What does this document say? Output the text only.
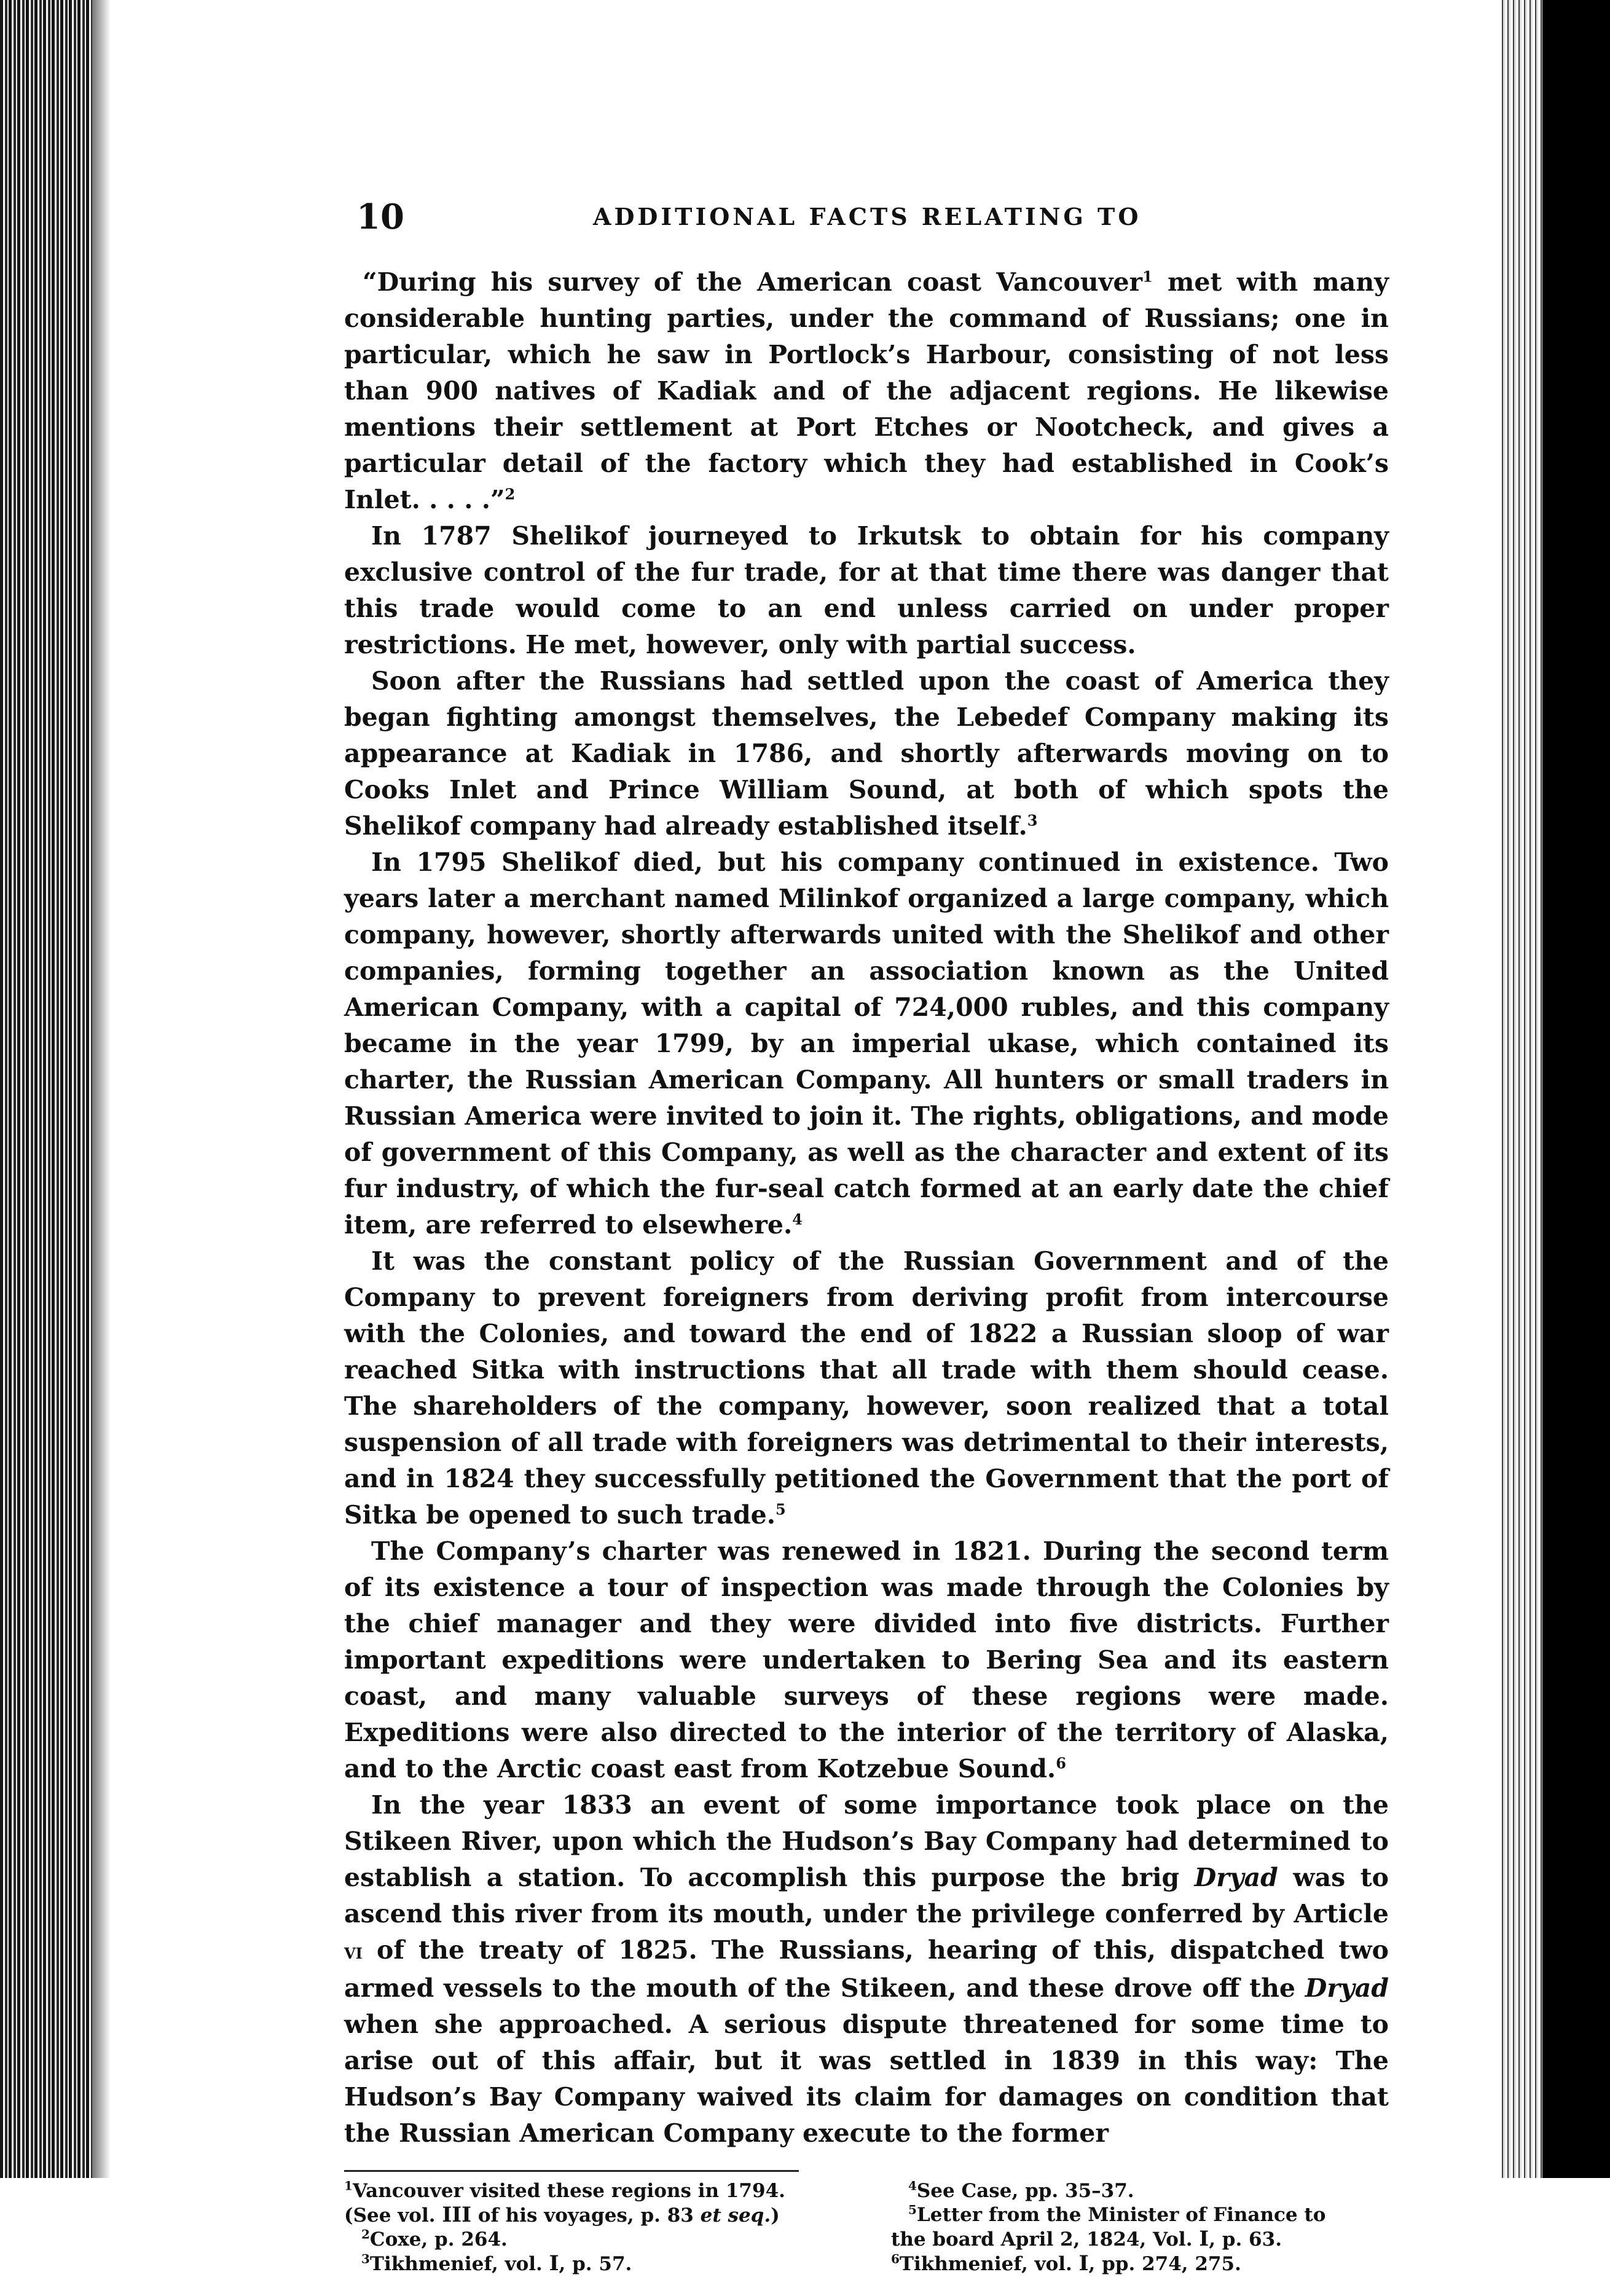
10	ADDITIONAL FACTS RELATING TO

“During his survey of the American coast Vancouver$^1$ met with many considerable hunting parties, under the command of Russians; one in particular, which he saw in Portlock’s Harbour, consisting of not less than 900 natives of Kadiak and of the adjacent regions. He likewise mentions their settlement at Port Etches or Nootcheck, and gives a particular detail of the factory which they had established in Cook’s Inlet. . . . .”$^2$

In 1787 Shelikof journeyed to Irkutsk to obtain for his company exclusive control of the fur trade, for at that time there was danger that this trade would come to an end unless carried on under proper restrictions. He met, however, only with partial success.

Soon after the Russians had settled upon the coast of America they began fighting amongst themselves, the Lebedef Company making its appearance at Kadiak in 1786, and shortly afterwards moving on to Cooks Inlet and Prince William Sound, at both of which spots the Shelikof company had already established itself.$^3$

In 1795 Shelikof died, but his company continued in existence. Two years later a merchant named Milinkof organized a large company, which company, however, shortly afterwards united with the Shelikof and other companies, forming together an association known as the United American Company, with a capital of 724,000 rubles, and this company became in the year 1799, by an imperial ukase, which contained its charter, the Russian American Company. All hunters or small traders in Russian America were invited to join it. The rights, obligations, and mode of government of this Company, as well as the character and extent of its fur industry, of which the fur-seal catch formed at an early date the chief item, are referred to elsewhere.$^4$

It was the constant policy of the Russian Government and of the Company to prevent foreigners from deriving profit from intercourse with the Colonies, and toward the end of 1822 a Russian sloop of war reached Sitka with instructions that all trade with them should cease. The shareholders of the company, however, soon realized that a total suspension of all trade with foreigners was detrimental to their interests, and in 1824 they successfully petitioned the Government that the port of Sitka be opened to such trade.$^5$

The Company’s charter was renewed in 1821. During the second term of its existence a tour of inspection was made through the Colonies by the chief manager and they were divided into five districts. Further important expeditions were undertaken to Bering Sea and its eastern coast, and many valuable surveys of these regions were made. Expeditions were also directed to the interior of the territory of Alaska, and to the Arctic coast east from Kotzebue Sound.$^6$

In the year 1833 an event of some importance took place on the Stikeen River, upon which the Hudson’s Bay Company had determined to establish a station. To accomplish this purpose the brig Dryad was to ascend this river from its mouth, under the privilege conferred by Article vi of the treaty of 1825. The Russians, hearing of this, dispatched two armed vessels to the mouth of the Stikeen, and these drove off the Dryad when she approached. A serious dispute threatened for some time to arise out of this affair, but it was settled in 1839 in this way: The Hudson’s Bay Company waived its claim for damages on condition that the Russian American Company execute to the former

$^1$Vancouver visited these regions in 1794.

(See vol. III of his voyages, p. 83 et seq.)

$^2$Coxe, p. 264.

$^3$Tikhmenief, vol. I, p. 57.

$^4$See Case, pp. 35–37.

$^5$Letter from the Minister of Finance to

the board April 2, 1824, Vol. I, p. 63.

$^6$Tikhmenief, vol. I, pp. 274, 275.
